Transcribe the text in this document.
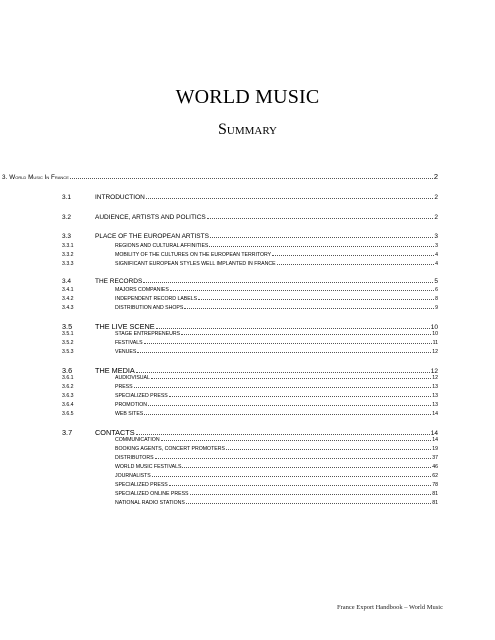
WORLD MUSIC
Summary
3. World Music In France	2
3.1	INTRODUCTION	2
3.2	AUDIENCE, ARTISTS AND POLITICS	2
3.3	PLACE OF THE EUROPEAN ARTISTS	3
3.3.1	REGIONS AND CULTURAL AFFINITIES	3
3.3.2	MOBILITY OF THE CULTURES ON THE EUROPEAN TERRITORY	4
3.3.3	SIGNIFICANT EUROPEAN STYLES WELL IMPLANTED IN FRANCE	4
3.4	THE RECORDS	5
3.4.1	MAJORS COMPANIES	6
3.4.2	INDEPENDENT RECORD LABELS	8
3.4.3	DISTRIBUTION AND SHOPS	9
3.5	THE LIVE SCENE	10
3.5.1	STAGE ENTREPRENEURS	10
3.5.2	FESTIVALS	11
3.5.3	VENUES	12
3.6	THE MEDIA	12
3.6.1	AUDIOVISUAL	12
3.6.2	PRESS	13
3.6.3	SPECIALIZED PRESS	13
3.6.4	PROMOTION	13
3.6.5	WEB SITES	14
3.7	CONTACTS	14
COMMUNICATION	14
BOOKING AGENTS, CONCERT PROMOTERS	19
DISTRIBUTORS	37
WORLD MUSIC FESTIVALS	46
JOURNALISTS	62
SPECIALIZED PRESS	78
SPECIALIZED ONLINE PRESS	81
NATIONAL RADIO STATIONS	81
France Export Handbook – World Music
